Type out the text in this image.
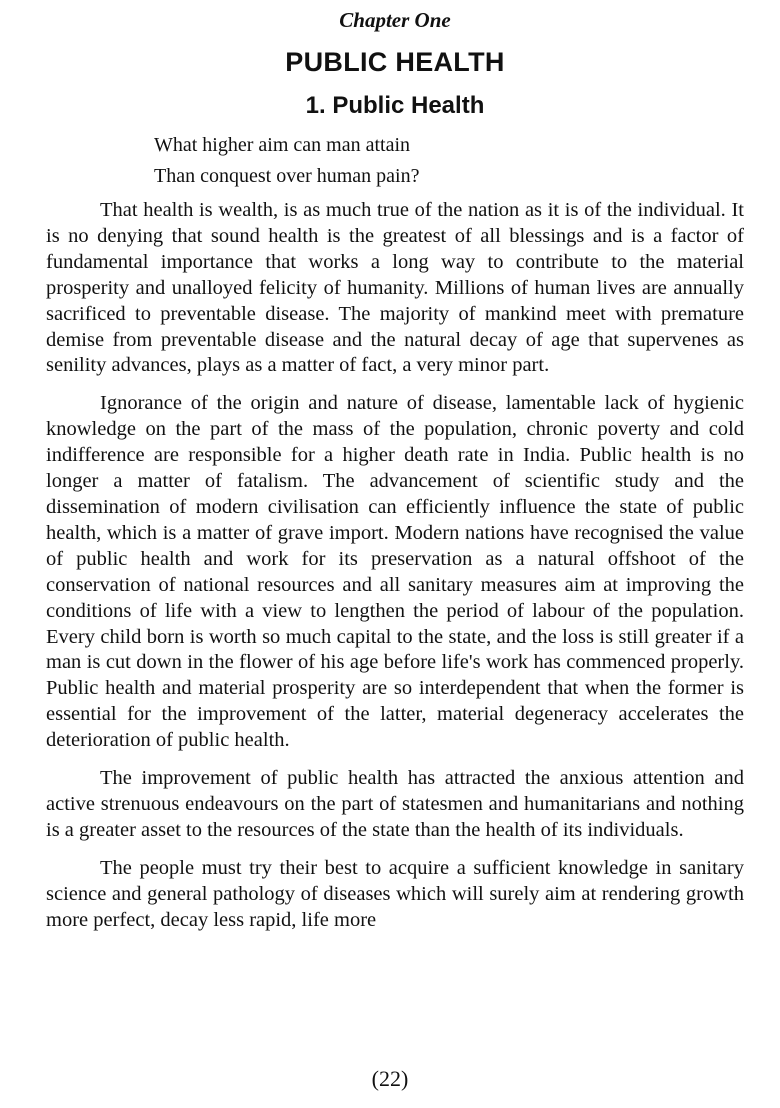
Chapter One
PUBLIC HEALTH
1. Public Health
What higher aim can man attain
Than conquest over human pain?

That health is wealth, is as much true of the nation as it is of the individual. It is no denying that sound health is the greatest of all blessings and is a factor of fundamental importance that works a long way to contribute to the material prosperity and unalloyed felicity of humanity. Millions of human lives are annually sacrificed to preventable disease. The majority of mankind meet with premature demise from preventable disease and the natural decay of age that supervenes as senility advances, plays as a matter of fact, a very minor part.

Ignorance of the origin and nature of disease, lamentable lack of hygienic knowledge on the part of the mass of the population, chronic poverty and cold indifference are responsible for a higher death rate in India. Public health is no longer a matter of fatalism. The advancement of scientific study and the dissemination of modern civilisation can efficiently influence the state of public health, which is a matter of grave import. Modern nations have recognised the value of public health and work for its preservation as a natural offshoot of the conservation of national resources and all sanitary measures aim at improving the conditions of life with a view to lengthen the period of labour of the population. Every child born is worth so much capital to the state, and the loss is still greater if a man is cut down in the flower of his age before life's work has commenced properly. Public health and material prosperity are so interdependent that when the former is essential for the improvement of the latter, material degeneracy accelerates the deterioration of public health.

The improvement of public health has attracted the anxious attention and active strenuous endeavours on the part of statesmen and humanitarians and nothing is a greater asset to the resources of the state than the health of its individuals.

The people must try their best to acquire a sufficient knowledge in sanitary science and general pathology of diseases which will surely aim at rendering growth more perfect, decay less rapid, life more

(22)
